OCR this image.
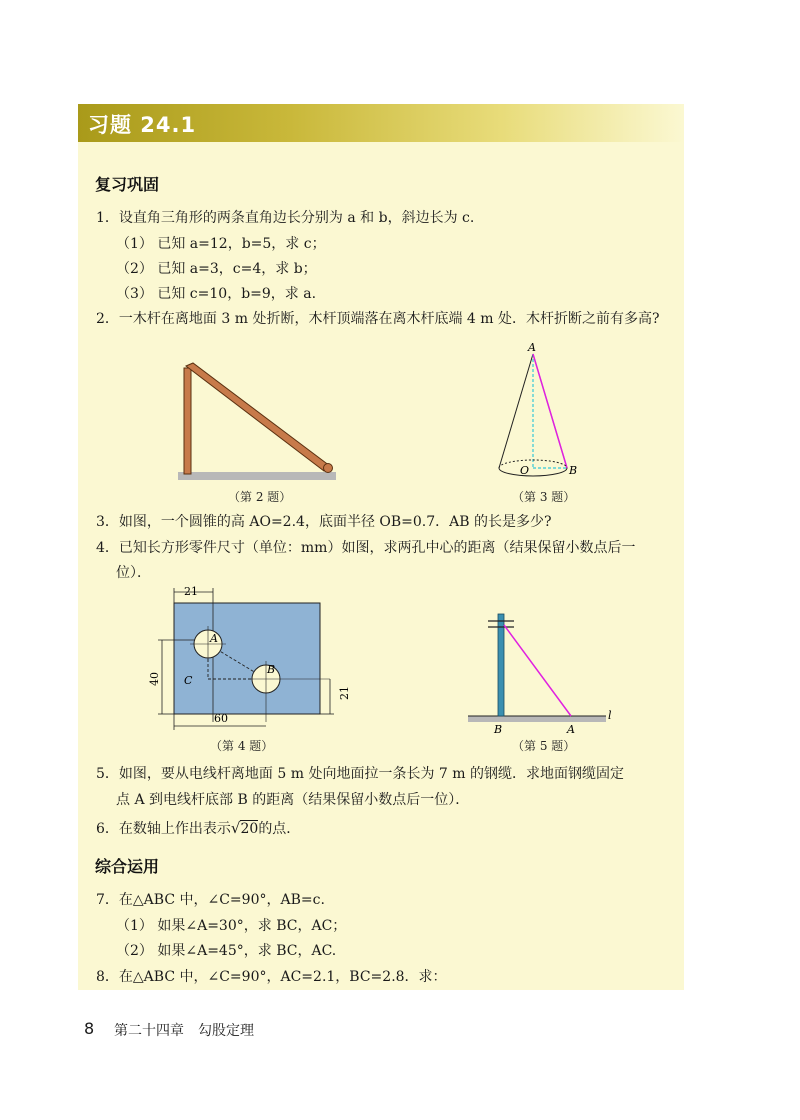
习题 24.1
复习巩固
1．设直角三角形的两条直角边长分别为 a 和 b，斜边长为 c.
（1） 已知 a=12，b=5，求 c；
（2） 已知 a=3，c=4，求 b；
（3） 已知 c=10，b=9，求 a.
2．一木杆在离地面 3 m 处折断，木杆顶端落在离木杆底端 4 m 处．木杆折断之前有多高?
（第 2 题）
A
O	B
（第 3 题）
3．如图，一个圆锥的高 AO=2.4，底面半径 OB=0.7．AB 的长是多少?
4．已知长方形零件尺寸（单位：mm）如图，求两孔中心的距离（结果保留小数点后一
位）．
21
40
A
B
C
21
60
（第 4 题）
B	A
l
（第 5 题）
5．如图，要从电线杆离地面 5 m 处向地面拉一条长为 7 m 的钢缆．求地面钢缆固定
点 A 到电线杆底部 B 的距离（结果保留小数点后一位）．
6．在数轴上作出表示√20的点．
综合运用
7．在△ABC 中，∠C=90°，AB=c.
（1） 如果∠A=30°，求 BC，AC；
（2） 如果∠A=45°，求 BC，AC.
8．在△ABC 中，∠C=90°，AC=2.1，BC=2.8．求：
8 第二十四章　勾股定理
